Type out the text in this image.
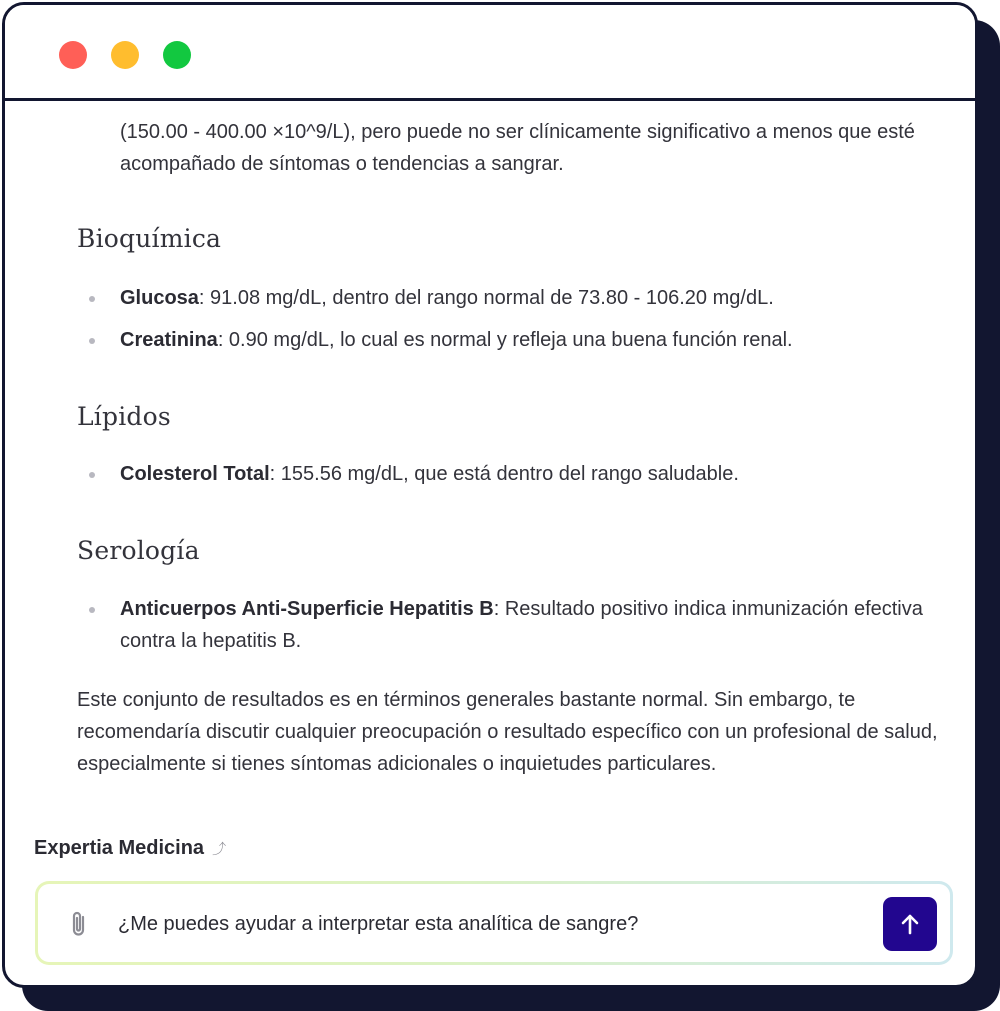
(150.00 - 400.00 ×10^9/L), pero puede no ser clínicamente significativo a menos que esté acompañado de síntomas o tendencias a sangrar.

Bioquímica
Glucosa: 91.08 mg/dL, dentro del rango normal de 73.80 - 106.20 mg/dL.
Creatinina: 0.90 mg/dL, lo cual es normal y refleja una buena función renal.
Lípidos
Colesterol Total: 155.56 mg/dL, que está dentro del rango saludable.
Serología
Anticuerpos Anti-Superficie Hepatitis B: Resultado positivo indica inmunización efectiva contra la hepatitis B.

Este conjunto de resultados es en términos generales bastante normal. Sin embargo, te recomendaría discutir cualquier preocupación o resultado específico con un profesional de salud, especialmente si tienes síntomas adicionales o inquietudes particulares.

Expertia Medicina ⤴
¿Me puedes ayudar a interpretar esta analítica de sangre?
